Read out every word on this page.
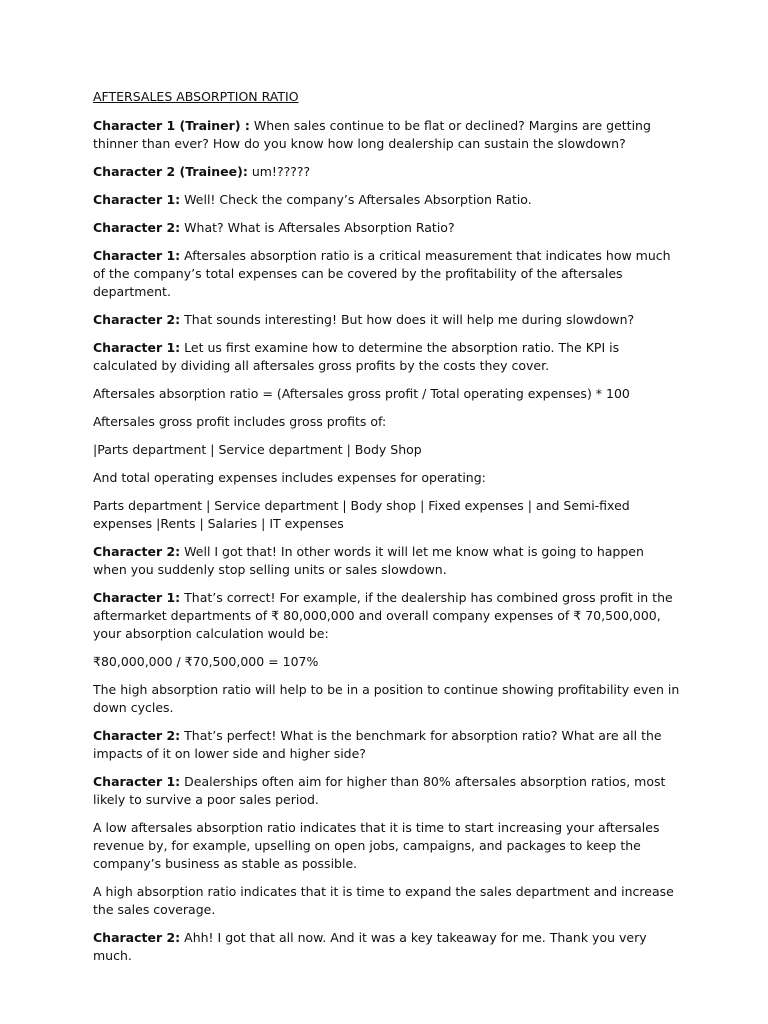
AFTERSALES ABSORPTION RATIO

Character 1 (Trainer) : When sales continue to be flat or declined? Margins are getting thinner than ever? How do you know how long dealership can sustain the slowdown?

Character 2 (Trainee): um!?????

Character 1: Well! Check the company’s Aftersales Absorption Ratio.

Character 2: What? What is Aftersales Absorption Ratio?

Character 1: Aftersales absorption ratio is a critical measurement that indicates how much of the company’s total expenses can be covered by the profitability of the aftersales department.

Character 2: That sounds interesting! But how does it will help me during slowdown?

Character 1: Let us first examine how to determine the absorption ratio. The KPI is calculated by dividing all aftersales gross profits by the costs they cover.

Aftersales absorption ratio = (Aftersales gross profit / Total operating expenses) * 100

Aftersales gross profit includes gross profits of:

|Parts department | Service department | Body Shop

And total operating expenses includes expenses for operating:

Parts department | Service department | Body shop | Fixed expenses | and Semi-fixed expenses |Rents | Salaries | IT expenses

Character 2: Well I got that! In other words it will let me know what is going to happen when you suddenly stop selling units or sales slowdown.

Character 1: That’s correct! For example, if the dealership has combined gross profit in the aftermarket departments of ₹ 80,000,000 and overall company expenses of ₹ 70,500,000, your absorption calculation would be:

₹80,000,000 / ₹70,500,000 = 107%

The high absorption ratio will help to be in a position to continue showing profitability even in down cycles.

Character 2: That’s perfect! What is the benchmark for absorption ratio? What are all the impacts of it on lower side and higher side?

Character 1: Dealerships often aim for higher than 80% aftersales absorption ratios, most likely to survive a poor sales period.

A low aftersales absorption ratio indicates that it is time to start increasing your aftersales revenue by, for example, upselling on open jobs, campaigns, and packages to keep the company’s business as stable as possible.

A high absorption ratio indicates that it is time to expand the sales department and increase the sales coverage.

Character 2: Ahh! I got that all now. And it was a key takeaway for me. Thank you very much.
